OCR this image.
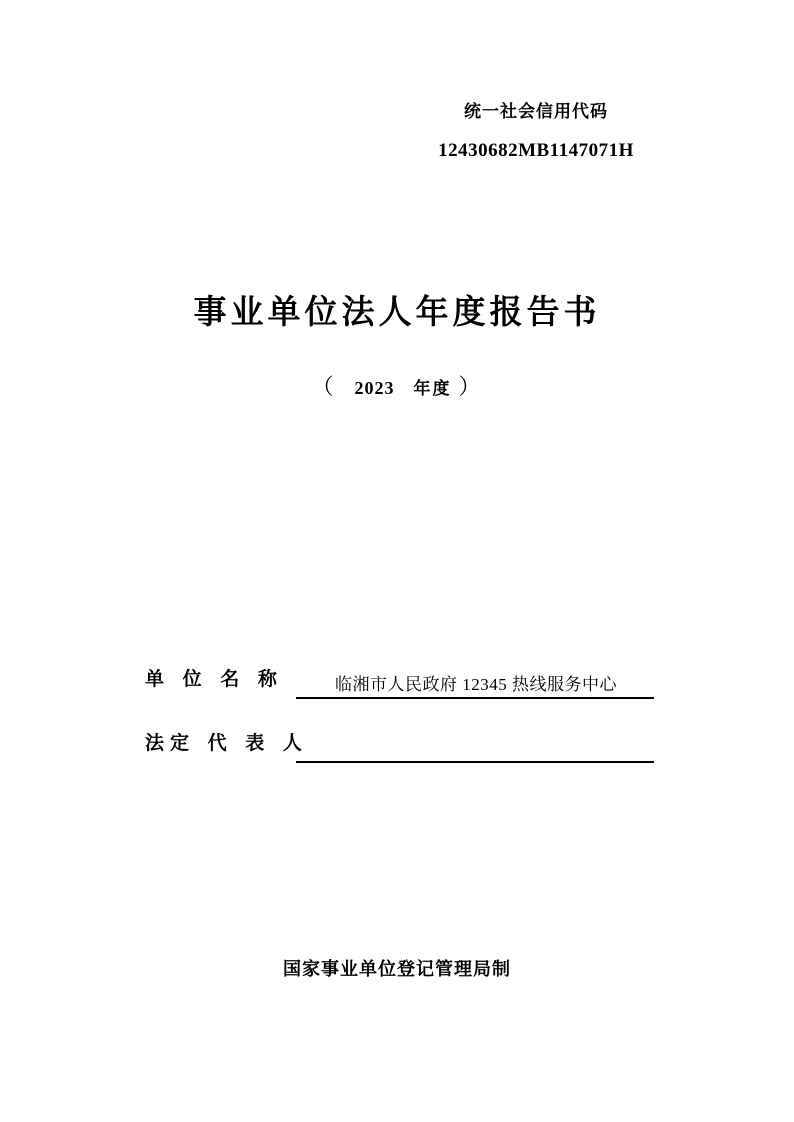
统一社会信用代码
12430682MB1147071H
事业单位法人年度报告书
（ 2023 年度 ）
单 位 名 称	临湘市人民政府 12345 热线服务中心
法定 代 表 人
国家事业单位登记管理局制
